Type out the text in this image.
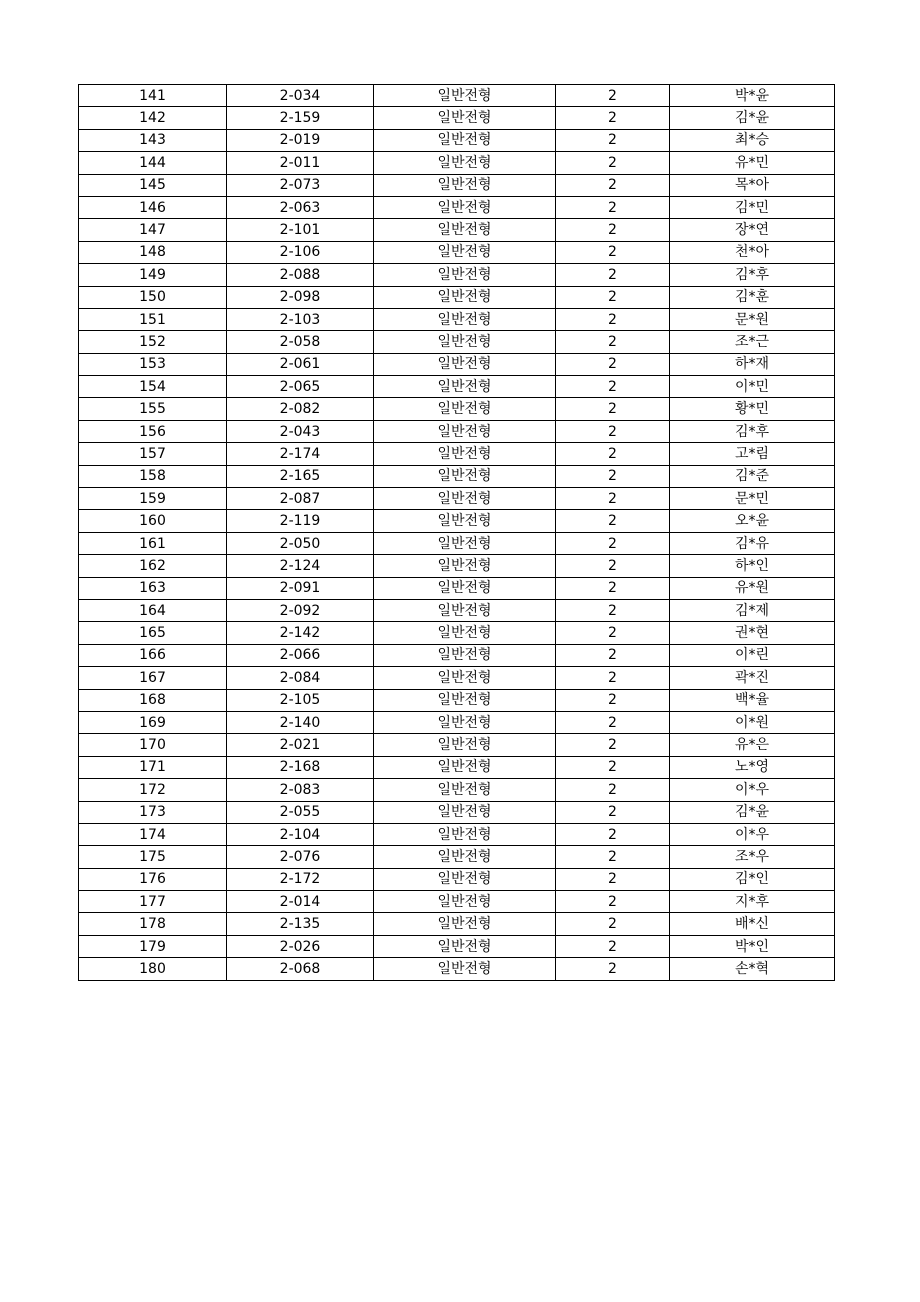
141	2-034	일반전형	2	박*윤
142	2-159	일반전형	2	김*윤
143	2-019	일반전형	2	최*승
144	2-011	일반전형	2	유*민
145	2-073	일반전형	2	목*아
146	2-063	일반전형	2	김*민
147	2-101	일반전형	2	장*연
148	2-106	일반전형	2	천*아
149	2-088	일반전형	2	김*후
150	2-098	일반전형	2	김*훈
151	2-103	일반전형	2	문*원
152	2-058	일반전형	2	조*근
153	2-061	일반전형	2	하*재
154	2-065	일반전형	2	이*민
155	2-082	일반전형	2	황*민
156	2-043	일반전형	2	김*후
157	2-174	일반전형	2	고*림
158	2-165	일반전형	2	김*준
159	2-087	일반전형	2	문*민
160	2-119	일반전형	2	오*윤
161	2-050	일반전형	2	김*유
162	2-124	일반전형	2	하*인
163	2-091	일반전형	2	유*원
164	2-092	일반전형	2	김*제
165	2-142	일반전형	2	권*현
166	2-066	일반전형	2	이*린
167	2-084	일반전형	2	곽*진
168	2-105	일반전형	2	백*율
169	2-140	일반전형	2	이*원
170	2-021	일반전형	2	유*은
171	2-168	일반전형	2	노*영
172	2-083	일반전형	2	이*우
173	2-055	일반전형	2	김*윤
174	2-104	일반전형	2	이*우
175	2-076	일반전형	2	조*우
176	2-172	일반전형	2	김*인
177	2-014	일반전형	2	지*후
178	2-135	일반전형	2	배*신
179	2-026	일반전형	2	박*인
180	2-068	일반전형	2	손*혁
